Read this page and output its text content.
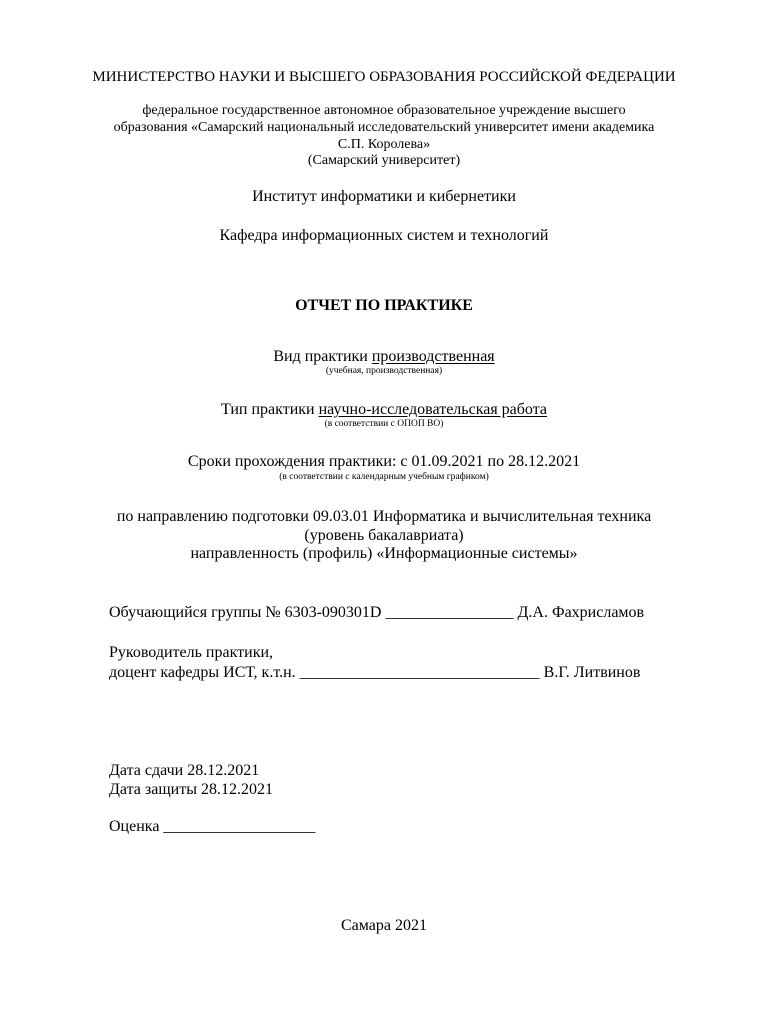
МИНИСТЕРСТВО НАУКИ И ВЫСШЕГО ОБРАЗОВАНИЯ РОССИЙСКОЙ ФЕДЕРАЦИИ
федеральное государственное автономное образовательное учреждение высшего
образования «Самарский национальный исследовательский университет имени академика
С.П. Королева»
(Самарский университет)
Институт информатики и кибернетики
Кафедра информационных систем и технологий
ОТЧЕТ ПО ПРАКТИКЕ
Вид практики производственная
(учебная, производственная)
Тип практики научно-исследовательская работа
(в соответствии с ОПОП ВО)
Сроки прохождения практики: с 01.09.2021 по 28.12.2021
(в соответствии с календарным учебным графиком)
по направлению подготовки 09.03.01 Информатика и вычислительная техника
(уровень бакалавриата)
направленность (профиль) «Информационные системы»
Обучающийся группы № 6303-090301D ________________ Д.А. Фахрисламов
Руководитель практики,
доцент кафедры ИСТ, к.т.н. ______________________________ В.Г. Литвинов
Дата сдачи 28.12.2021
Дата защиты 28.12.2021
Оценка ___________________
Самара 2021
